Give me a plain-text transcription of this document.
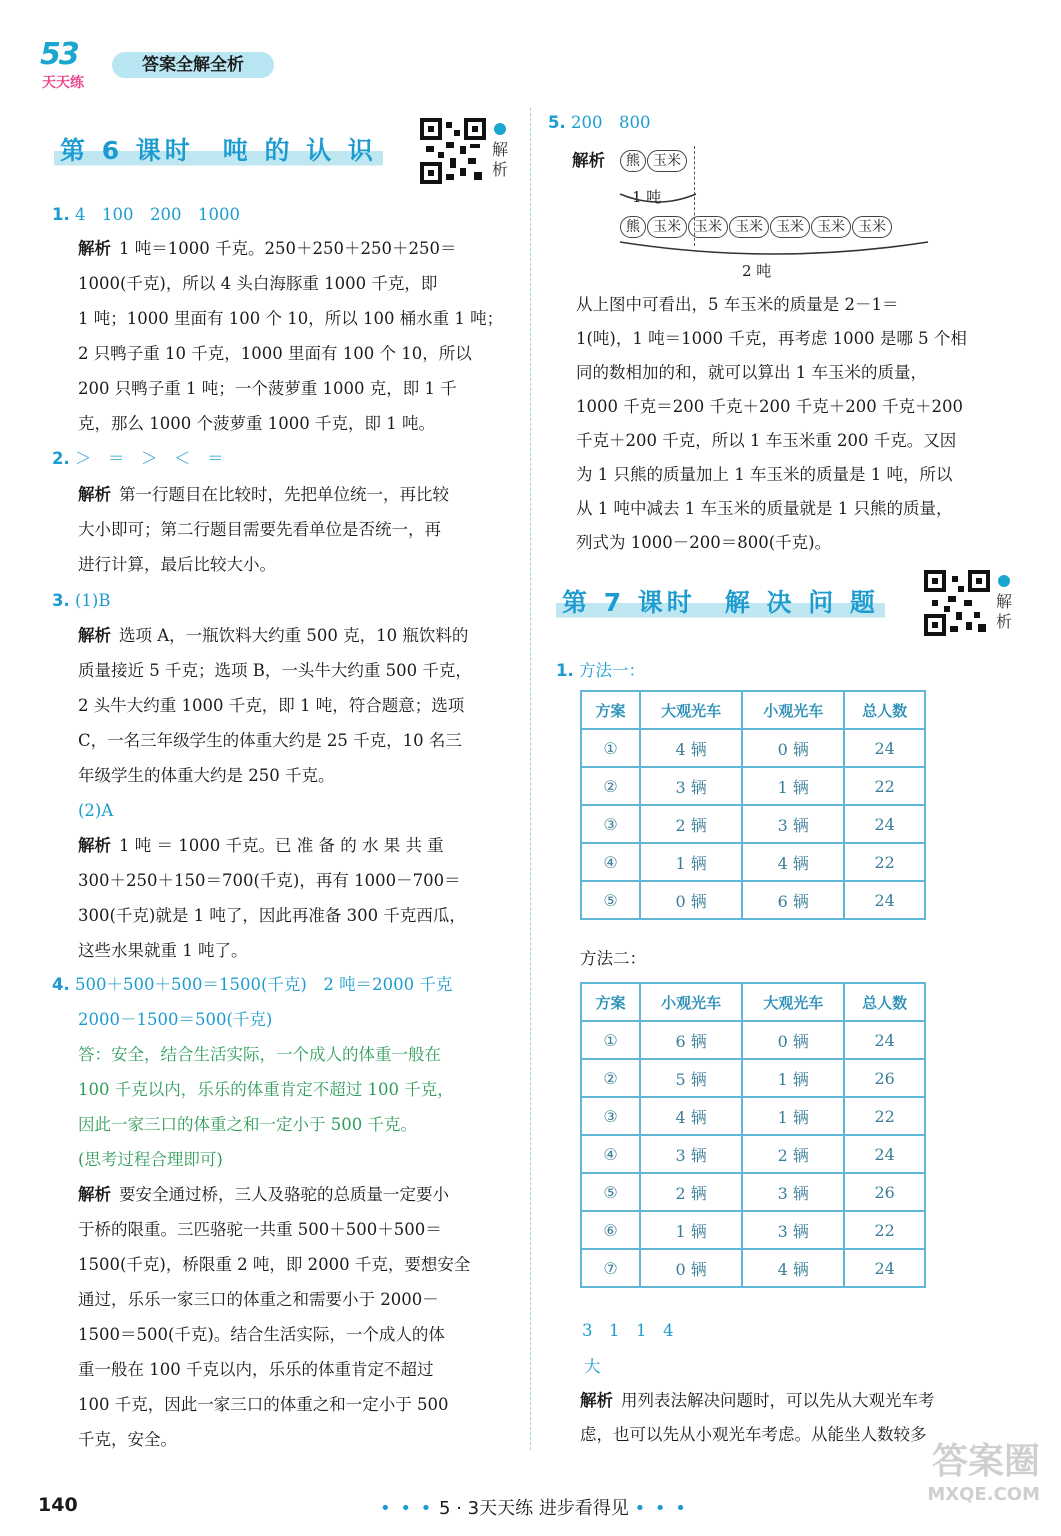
53
天天练
答案全解全析
第 6 课时　吨 的 认 识	解析
1. 4　100　200　1000
解析 1 吨＝1000 千克。250＋250＋250＋250＝
1000(千克)，所以 4 头白海豚重 1000 千克，即
1 吨；1000 里面有 100 个 10，所以 100 桶水重 1 吨；
2 只鸭子重 10 千克，1000 里面有 100 个 10，所以
200 只鸭子重 1 吨；一个菠萝重 1000 克，即 1 千
克，那么 1000 个菠萝重 1000 千克，即 1 吨。
2. ＞　＝　＞　＜　＝
解析 第一行题目在比较时，先把单位统一，再比较
大小即可；第二行题目需要先看单位是否统一，再
进行计算，最后比较大小。
3. (1)B
解析 选项 A，一瓶饮料大约重 500 克，10 瓶饮料的
质量接近 5 千克；选项 B，一头牛大约重 500 千克，
2 头牛大约重 1000 千克，即 1 吨，符合题意；选项
C，一名三年级学生的体重大约是 25 千克，10 名三
年级学生的体重大约是 250 千克。
(2)A
解析 1 吨 ＝ 1000 千克。已 准 备 的 水 果 共 重
300＋250＋150＝700(千克)，再有 1000－700＝
300(千克)就是 1 吨了，因此再准备 300 千克西瓜，
这些水果就重 1 吨了。
4. 500＋500＋500＝1500(千克)　2 吨＝2000 千克
2000－1500＝500(千克)
答：安全，结合生活实际，一个成人的体重一般在
100 千克以内，乐乐的体重肯定不超过 100 千克，
因此一家三口的体重之和一定小于 500 千克。
(思考过程合理即可)
解析 要安全通过桥，三人及骆驼的总质量一定要小
于桥的限重。三匹骆驼一共重 500＋500＋500＝
1500(千克)，桥限重 2 吨，即 2000 千克，要想安全
通过，乐乐一家三口的体重之和需要小于 2000－
1500＝500(千克)。结合生活实际，一个成人的体
重一般在 100 千克以内，乐乐的体重肯定不超过
100 千克，因此一家三口的体重之和一定小于 500
千克，安全。
5. 200　800
解析	熊 玉米
1 吨
熊 玉米 玉米 玉米 玉米 玉米 玉米
2 吨
从上图中可看出，5 车玉米的质量是 2－1＝
1(吨)，1 吨＝1000 千克，再考虑 1000 是哪 5 个相
同的数相加的和，就可以算出 1 车玉米的质量，
1000 千克＝200 千克＋200 千克＋200 千克＋200
千克＋200 千克，所以 1 车玉米重 200 千克。又因
为 1 只熊的质量加上 1 车玉米的质量是 1 吨，所以
从 1 吨中减去 1 车玉米的质量就是 1 只熊的质量，
列式为 1000－200＝800(千克)。
第 7 课时　解 决 问 题	解析
1. 方法一：
方案	大观光车	小观光车	总人数
①	4 辆	0 辆	24
②	3 辆	1 辆	22
③	2 辆	3 辆	24
④	1 辆	4 辆	22
⑤	0 辆	6 辆	24
方法二：
方案	小观光车	大观光车	总人数
①	6 辆	0 辆	24
②	5 辆	1 辆	26
③	4 辆	1 辆	22
④	3 辆	2 辆	24
⑤	2 辆	3 辆	26
⑥	1 辆	3 辆	22
⑦	0 辆	4 辆	24
3　1　1　4
大
解析 用列表法解决问题时，可以先从大观光车考
虑，也可以先从小观光车考虑。从能坐人数较多
140	• • • 5 · 3天天练 进步看得见 • • •
答案圈
MXQE.COM
